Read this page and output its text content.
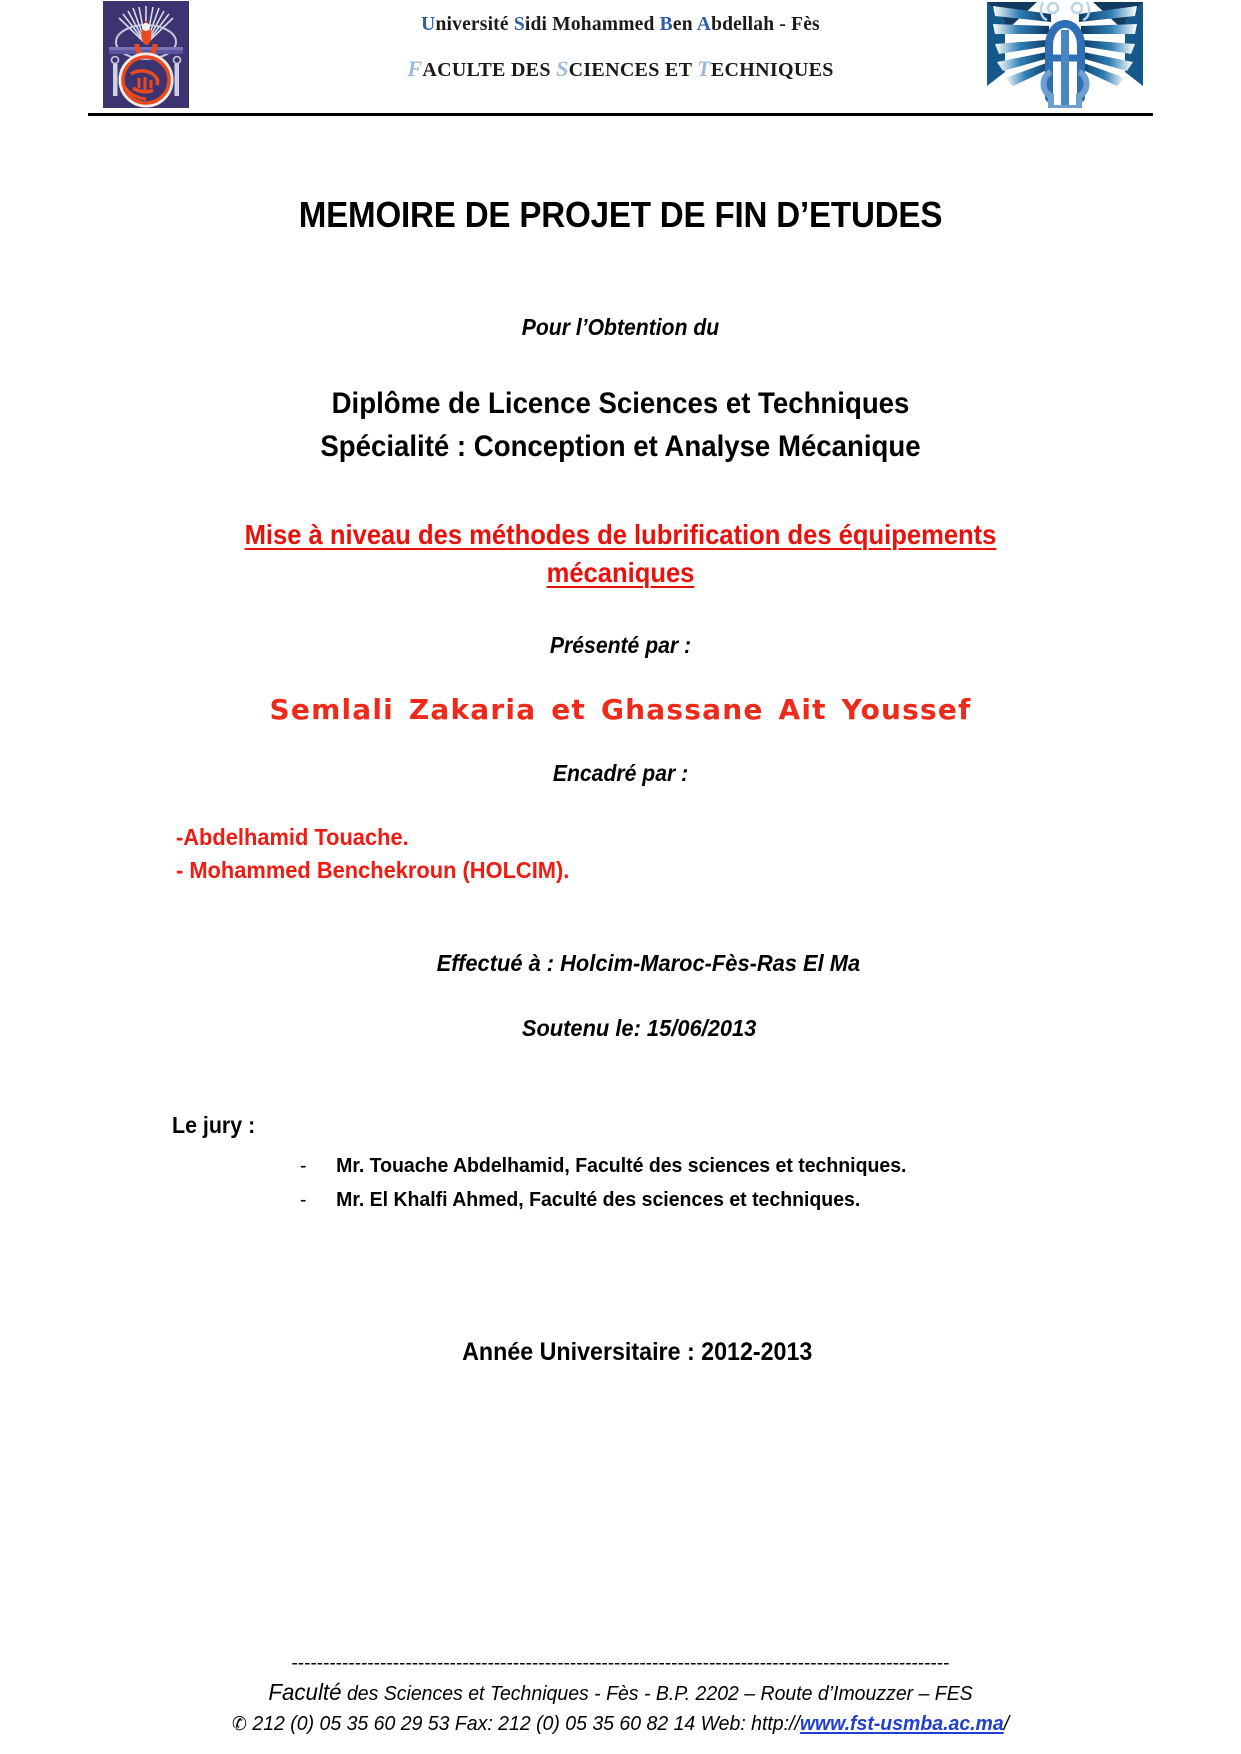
Université Sidi Mohammed Ben Abdellah - Fès
FACULTE DES SCIENCES ET TECHNIQUES
MEMOIRE DE PROJET DE FIN D’ETUDES
Pour l’Obtention du
Diplôme de Licence Sciences et Techniques
Spécialité : Conception et Analyse Mécanique
Mise à niveau des méthodes de lubrification des équipements
mécaniques
Présenté par :
Semlali Zakaria et Ghassane Ait Youssef
Encadré par :
-Abdelhamid Touache.
- Mohammed Benchekroun (HOLCIM).
Effectué à : Holcim-Maroc-Fès-Ras El Ma
Soutenu le: 15/06/2013
Le jury :
-	Mr. Touache Abdelhamid, Faculté des sciences et techniques.
-	Mr. El Khalfi Ahmed, Faculté des sciences et techniques.
Année Universitaire : 2012-2013
--------------------------------------------------------------------------------------------------------
Faculté des Sciences et Techniques - Fès - B.P. 2202 – Route d’Imouzzer – FES
✆ 212 (0) 05 35 60 29 53 Fax: 212 (0) 05 35 60 82 14 Web: http://www.fst-usmba.ac.ma/
